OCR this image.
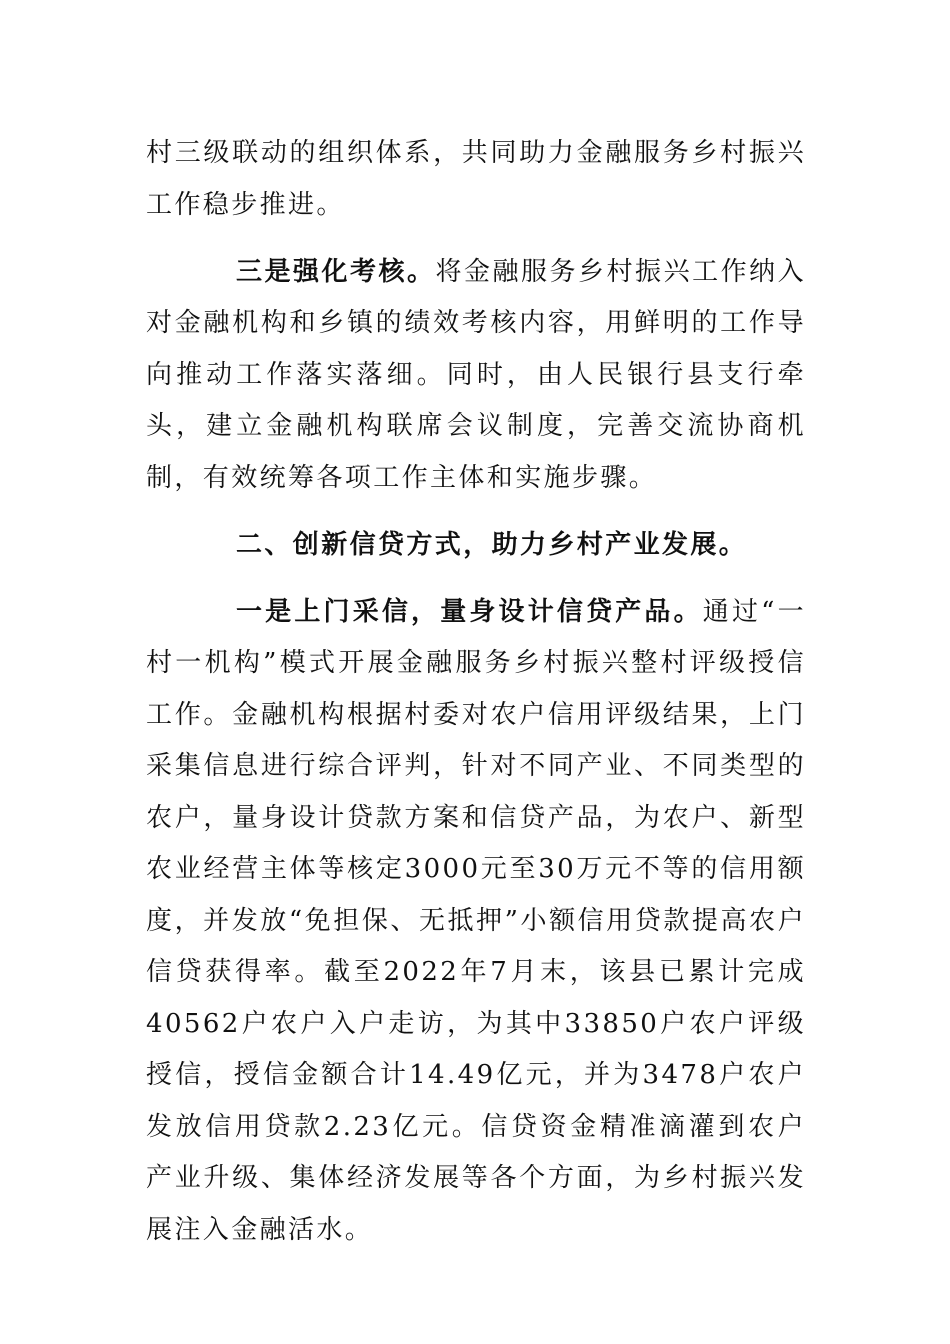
村三级联动的组织体系，共同助力金融服务乡村振兴工作稳步推进。

三是强化考核。将金融服务乡村振兴工作纳入对金融机构和乡镇的绩效考核内容，用鲜明的工作导向推动工作落实落细。同时，由人民银行县支行牵头，建立金融机构联席会议制度，完善交流协商机制，有效统筹各项工作主体和实施步骤。

二、创新信贷方式，助力乡村产业发展。

一是上门采信，量身设计信贷产品。通过“一村一机构”模式开展金融服务乡村振兴整村评级授信工作。金融机构根据村委对农户信用评级结果，上门采集信息进行综合评判，针对不同产业、不同类型的农户，量身设计贷款方案和信贷产品，为农户、新型农业经营主体等核定3000元至30万元不等的信用额度，并发放“免担保、无抵押”小额信用贷款提高农户信贷获得率。截至2022年7月末，该县已累计完成40562户农户入户走访，为其中33850户农户评级授信，授信金额合计14.49亿元，并为3478户农户发放信用贷款2.23亿元。信贷资金精准滴灌到农户产业升级、集体经济发展等各个方面，为乡村振兴发展注入金融活水。
